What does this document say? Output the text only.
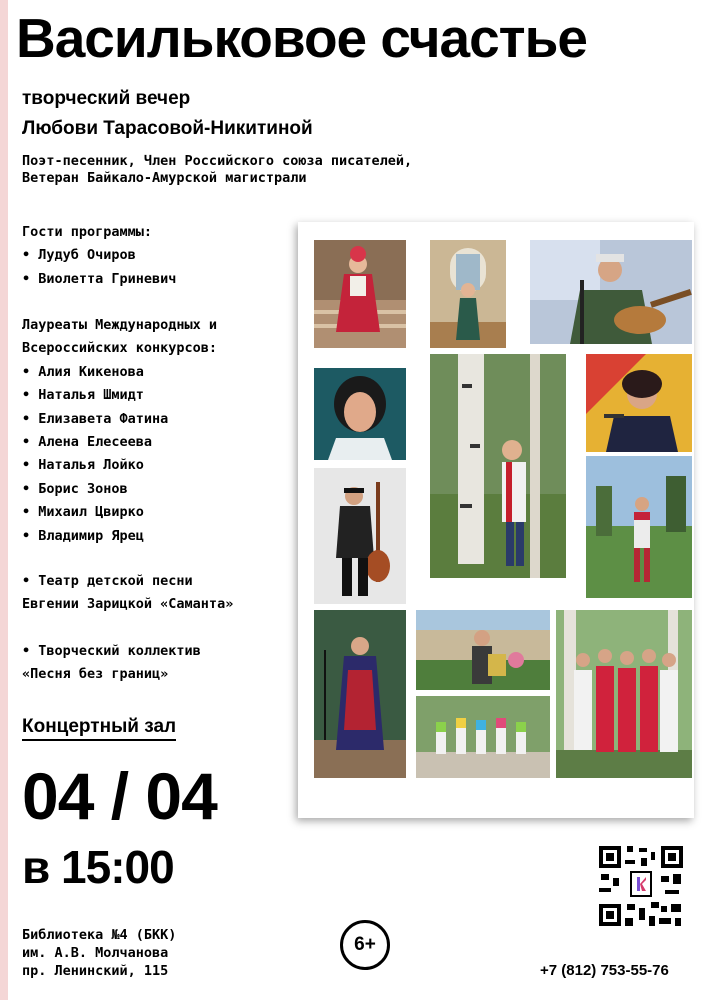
Васильковое счастье
творческий вечер
Любови Тарасовой-Никитиной
Поэт-песенник, Член Российского союза писателей,
Ветеран Байкало-Амурской магистрали
Гости программы:
• Лудуб Очиров
• Виолетта Гриневич
Лауреаты Международных и
Всероссийских конкурсов:
• Алия Кикенова
• Наталья Шмидт
• Елизавета Фатина
• Алена Елесеева
• Наталья Лойко
• Борис Зонов
• Михаил Цвирко
• Владимир Ярец
• Театр детской песни
Евгении Зарицкой «Саманта»
• Творческий коллектив
«Песня без границ»
Концертный зал
04 / 04
в 15:00
Библиотека №4 (БКК)
им. А.В. Молчанова
пр. Ленинский, 115
6+
+7 (812) 753-55-76
